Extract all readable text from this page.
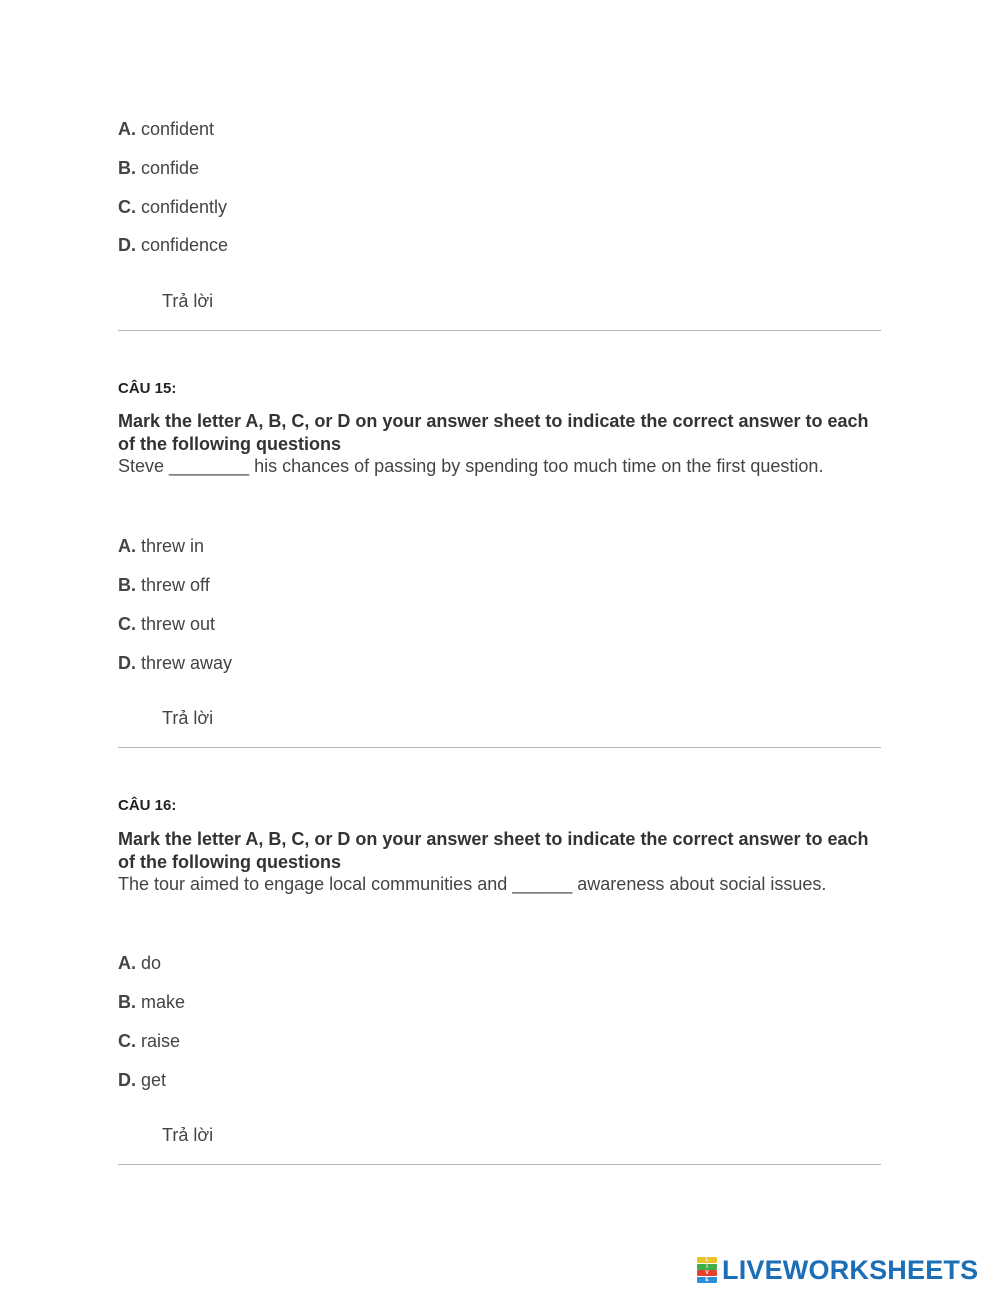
A. confident
B. confide
C. confidently
D. confidence
Trả lời
CÂU 15:
Mark the letter A, B, C, or D on your answer sheet to indicate the correct answer to each of the following questions
Steve ________ his chances of passing by spending too much time on the first question.
A. threw in
B. threw off
C. threw out
D. threw away
Trả lời
CÂU 16:
Mark the letter A, B, C, or D on your answer sheet to indicate the correct answer to each of the following questions
The tour aimed to engage local communities and ______ awareness about social issues.
A. do
B. make
C. raise
D. get
Trả lời
L
I
V
E LIVEWORKSHEETS
